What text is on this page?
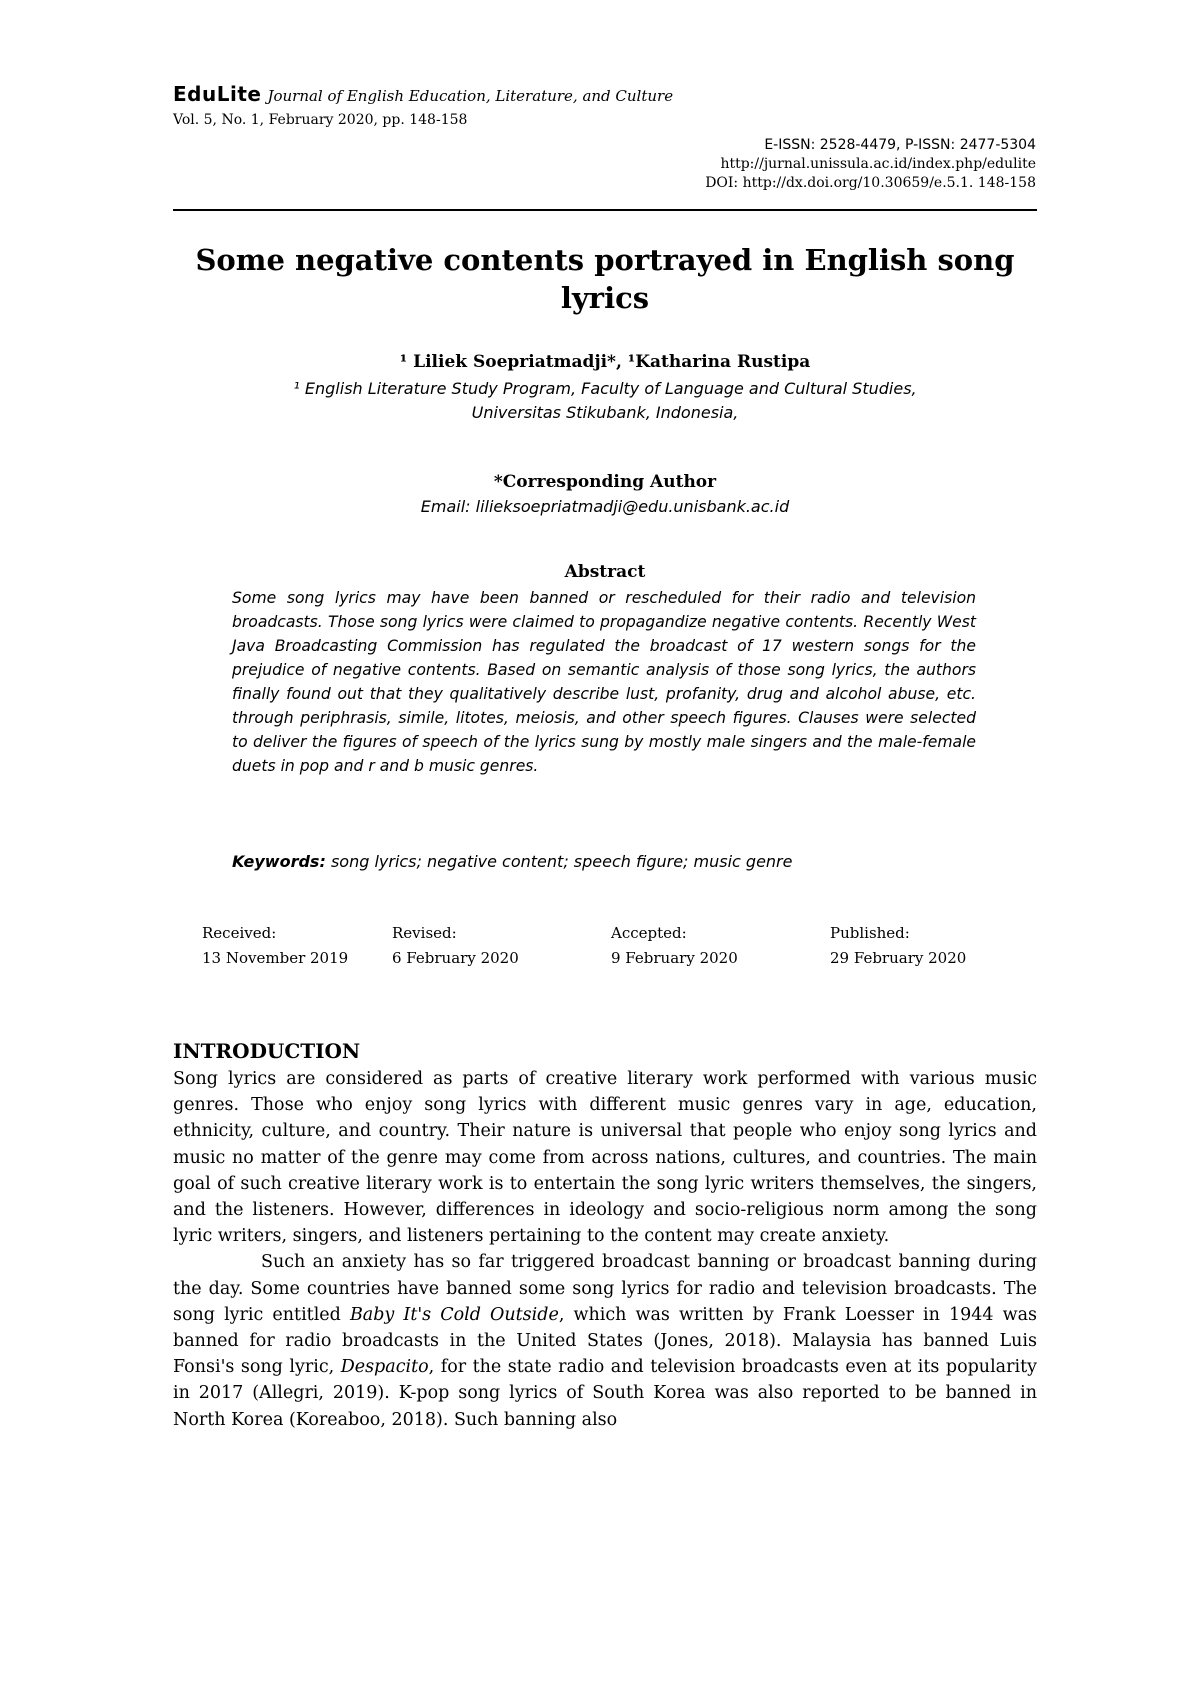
EduLite Journal of English Education, Literature, and Culture
Vol. 5, No. 1, February 2020, pp. 148-158
E-ISSN: 2528-4479, P-ISSN: 2477-5304
http://jurnal.unissula.ac.id/index.php/edulite
DOI: http://dx.doi.org/10.30659/e.5.1. 148-158
Some negative contents portrayed in English song lyrics
¹ Liliek Soepriatmadji*, ¹Katharina Rustipa
¹ English Literature Study Program, Faculty of Language and Cultural Studies,
Universitas Stikubank, Indonesia,
*Corresponding Author
Email: lilieksoepriatmadji@edu.unisbank.ac.id
Abstract
Some song lyrics may have been banned or rescheduled for their radio and television broadcasts. Those song lyrics were claimed to propagandize negative contents. Recently West Java Broadcasting Commission has regulated the broadcast of 17 western songs for the prejudice of negative contents. Based on semantic analysis of those song lyrics, the authors finally found out that they qualitatively describe lust, profanity, drug and alcohol abuse, etc. through periphrasis, simile, litotes, meiosis, and other speech figures. Clauses were selected to deliver the figures of speech of the lyrics sung by mostly male singers and the male-female duets in pop and r and b music genres.
Keywords: song lyrics; negative content; speech figure; music genre
Received:
13 November 2019
Revised:
6 February 2020
Accepted:
9 February 2020
Published:
29 February 2020
INTRODUCTION

Song lyrics are considered as parts of creative literary work performed with various music genres. Those who enjoy song lyrics with different music genres vary in age, education, ethnicity, culture, and country. Their nature is universal that people who enjoy song lyrics and music no matter of the genre may come from across nations, cultures, and countries. The main goal of such creative literary work is to entertain the song lyric writers themselves, the singers, and the listeners. However, differences in ideology and socio-religious norm among the song lyric writers, singers, and listeners pertaining to the content may create anxiety.

Such an anxiety has so far triggered broadcast banning or broadcast banning during the day. Some countries have banned some song lyrics for radio and television broadcasts. The song lyric entitled Baby It's Cold Outside, which was written by Frank Loesser in 1944 was banned for radio broadcasts in the United States (Jones, 2018). Malaysia has banned Luis Fonsi's song lyric, Despacito, for the state radio and television broadcasts even at its popularity in 2017 (Allegri, 2019). K-pop song lyrics of South Korea was also reported to be banned in North Korea (Koreaboo, 2018). Such banning also
